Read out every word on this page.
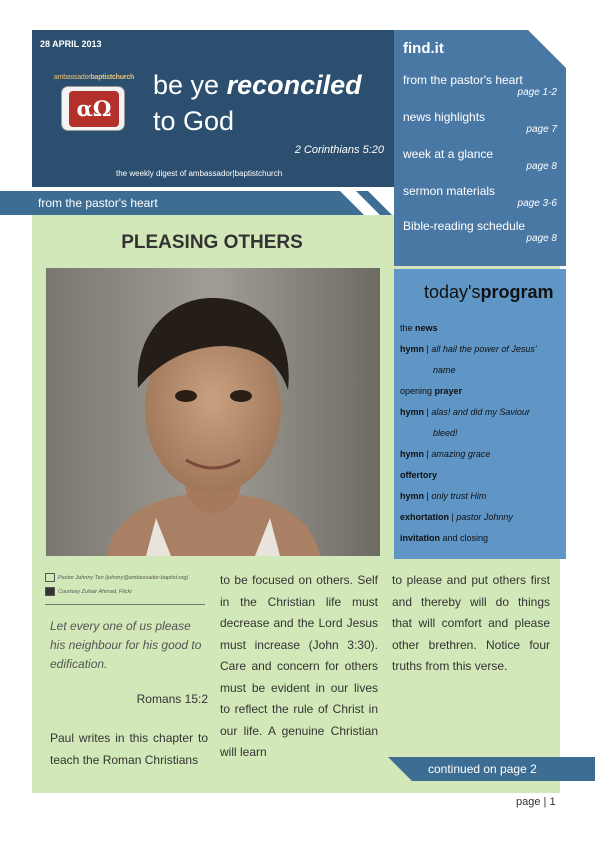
28 APRIL 2013
ambassadorbaptistchurch
αΩ
be ye reconciled
to God
2 Corinthians 5:20
the weekly digest of ambassador|baptistchurch
from the pastor's heart
PLEASING OTHERS
Pastor Johnny Tan (johnny@ambassador-baptist.org)
Courtesy Zuhair Ahmad, Flickr
Let every one of us please his neighbour for his good to edification.
Romans 15:2
Paul writes in this chapter to teach the Roman Christians
to be focused on others. Self in the Christian life must decrease and the Lord Jesus must increase (John 3:30). Care and concern for others must be evident in our lives to reflect the rule of Christ in our life. A genuine Christian will learn
to please and put others first and thereby will do things that will comfort and please other brethren. Notice four truths from this verse.
continued on page 2
find.it
from the pastor's heart
page 1-2
news highlights
page 7
week at a glance
page 8
sermon materials
page 3-6
Bible-reading schedule
page 8
today'sprogram
the news
hymn | all hail the power of Jesus'
name
opening prayer
hymn | alas! and did my Saviour
bleed!
hymn | amazing grace
offertory
hymn | only trust Him
exhortation | pastor Johnny
invitation and closing
page | 1
